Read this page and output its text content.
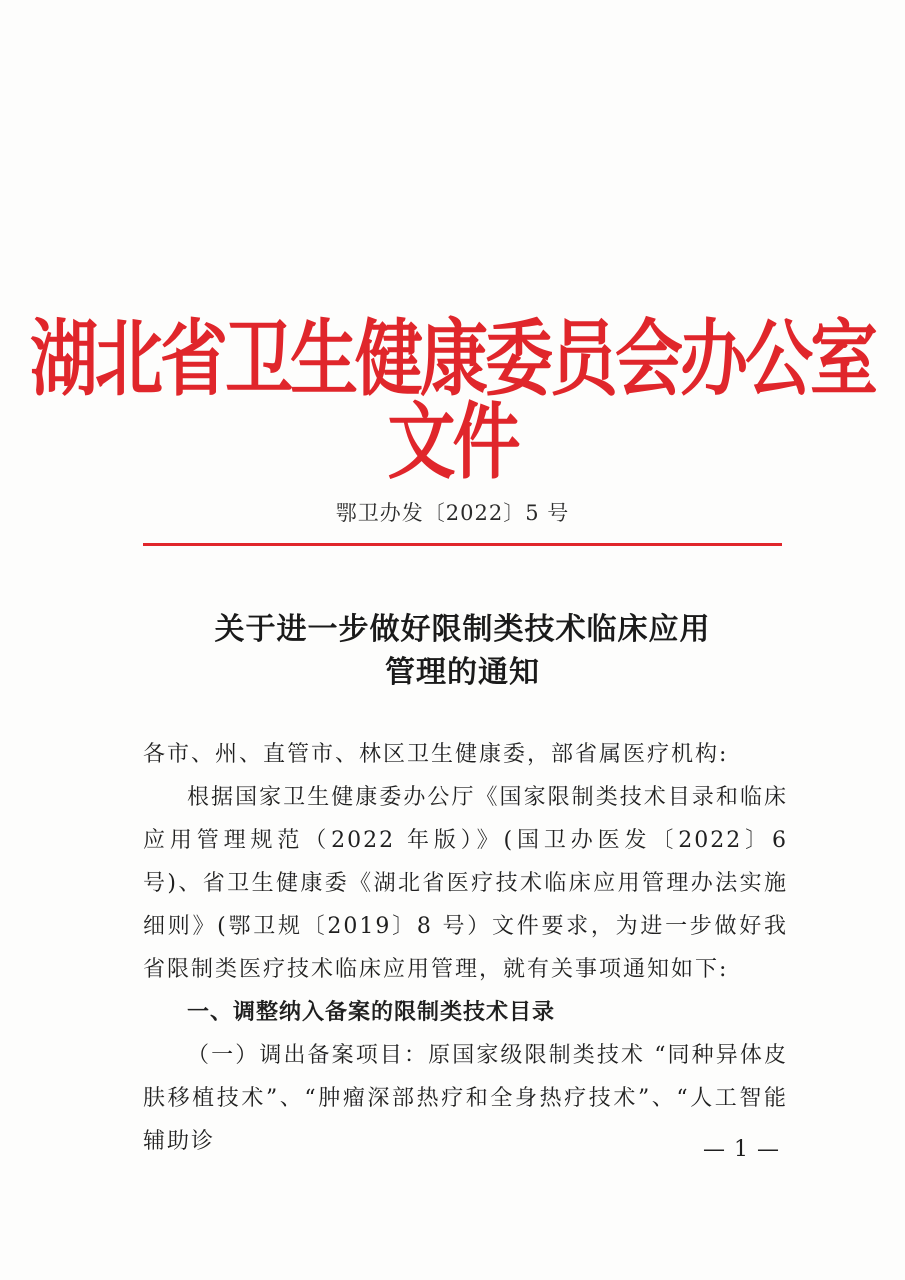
湖北省卫生健康委员会办公室文件
鄂卫办发〔2022〕5 号
关于进一步做好限制类技术临床应用
管理的通知

各市、州、直管市、林区卫生健康委，部省属医疗机构:

根据国家卫生健康委办公厅《国家限制类技术目录和临床应用管理规范（2022 年版）》(国卫办医发〔2022〕6 号)、省卫生健康委《湖北省医疗技术临床应用管理办法实施细则》(鄂卫规〔2019〕8 号）文件要求，为进一步做好我省限制类医疗技术临床应用管理，就有关事项通知如下:

一、调整纳入备案的限制类技术目录

（一）调出备案项目：原国家级限制类技术 “同种异体皮肤移植技术”、“肿瘤深部热疗和全身热疗技术”、“人工智能辅助诊	— 1 —
